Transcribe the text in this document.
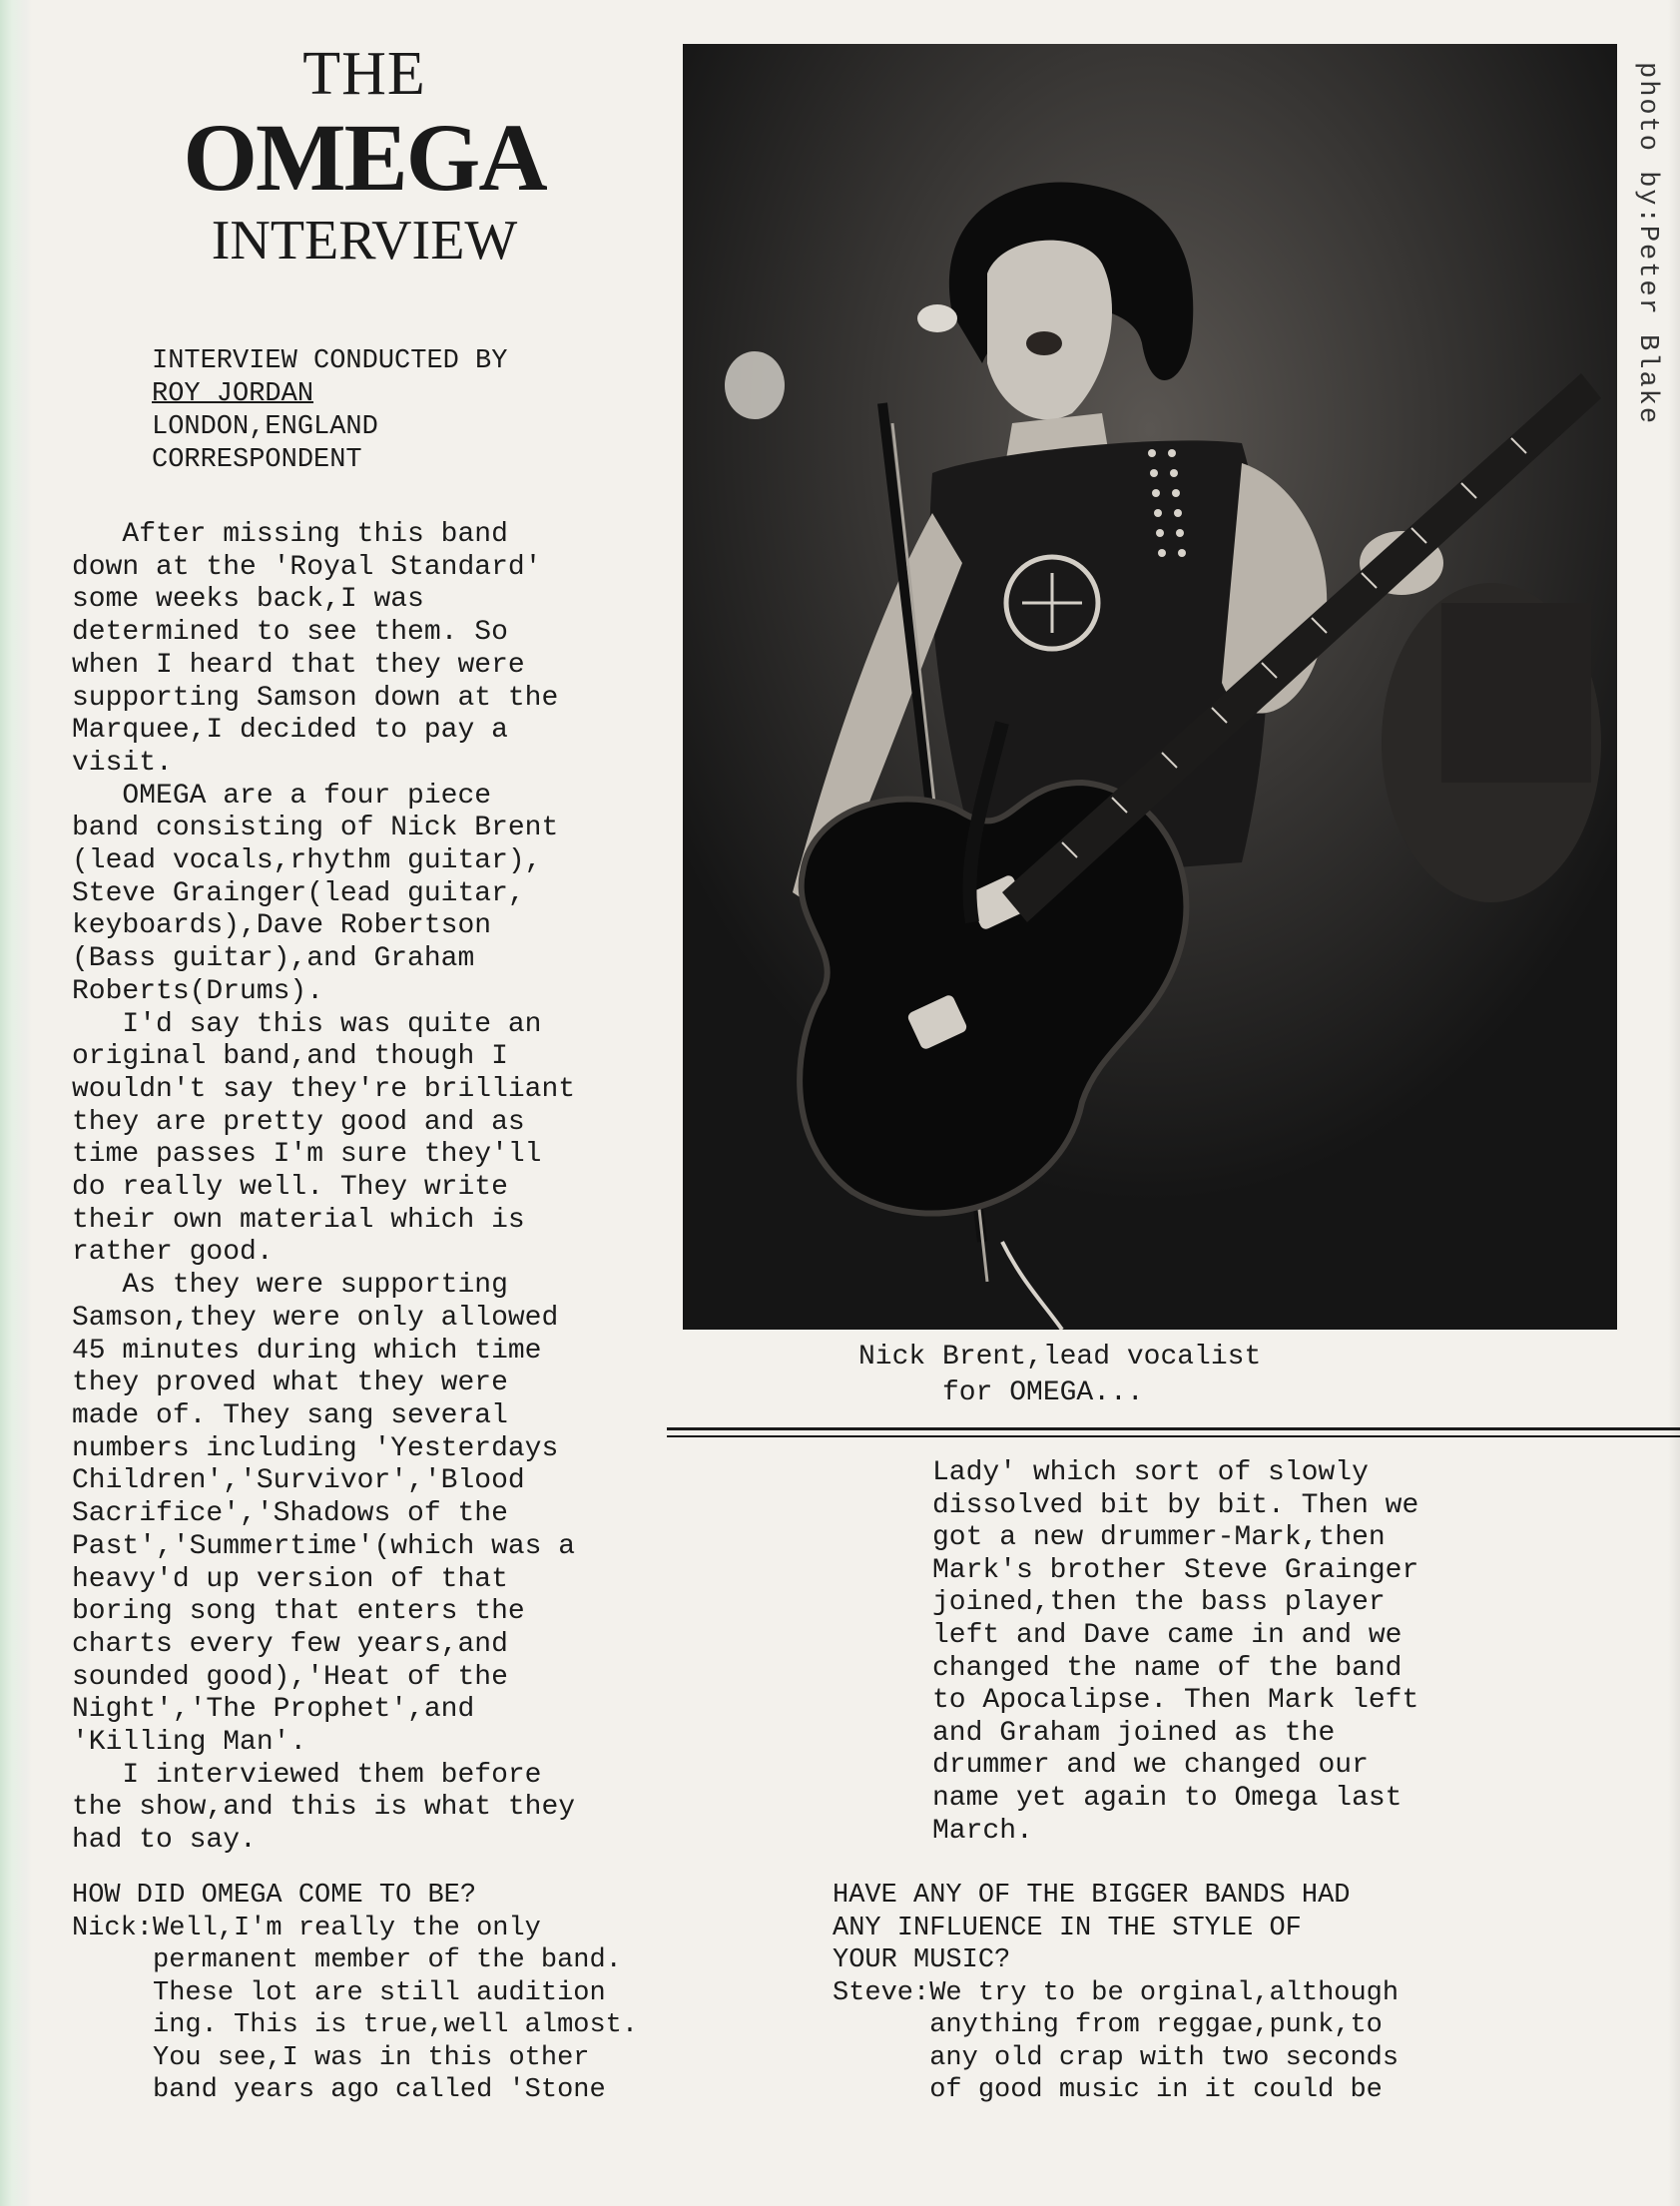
THE
OMEGA
INTERVIEW
INTERVIEW CONDUCTED BY
ROY JORDAN
LONDON,ENGLAND
CORRESPONDENT
After missing this band
down at the 'Royal Standard'
some weeks back,I was
determined to see them. So
when I heard that they were
supporting Samson down at the
Marquee,I decided to pay a
visit.
OMEGA are a four piece
band consisting of Nick Brent
(lead vocals,rhythm guitar),
Steve Grainger(lead guitar,
keyboards),Dave Robertson
(Bass guitar),and Graham
Roberts(Drums).
I'd say this was quite an
original band,and though I
wouldn't say they're brilliant
they are pretty good and as
time passes I'm sure they'll
do really well. They write
their own material which is
rather good.
As they were supporting
Samson,they were only allowed
45 minutes during which time
they proved what they were
made of. They sang several
numbers including 'Yesterdays
Children','Survivor','Blood
Sacrifice','Shadows of the
Past','Summertime'(which was a
heavy'd up version of that
boring song that enters the
charts every few years,and
sounded good),'Heat of the
Night','The Prophet',and
'Killing Man'.
I interviewed them before
the show,and this is what they
had to say.
photo by:Peter Blake
Nick Brent,lead vocalist
for OMEGA...
Lady' which sort of slowly
dissolved bit by bit. Then we
got a new drummer-Mark,then
Mark's brother Steve Grainger
joined,then the bass player
left and Dave came in and we
changed the name of the band
to Apocalipse. Then Mark left
and Graham joined as the
drummer and we changed our
name yet again to Omega last
March.
HOW DID OMEGA COME TO BE?
Nick:Well,I'm really the only
permanent member of the band.
These lot are still audition
ing. This is true,well almost.
You see,I was in this other
band years ago called 'Stone
HAVE ANY OF THE BIGGER BANDS HAD
ANY INFLUENCE IN THE STYLE OF
YOUR MUSIC?
Steve:We try to be orginal,although
anything from reggae,punk,to
any old crap with two seconds
of good music in it could be
